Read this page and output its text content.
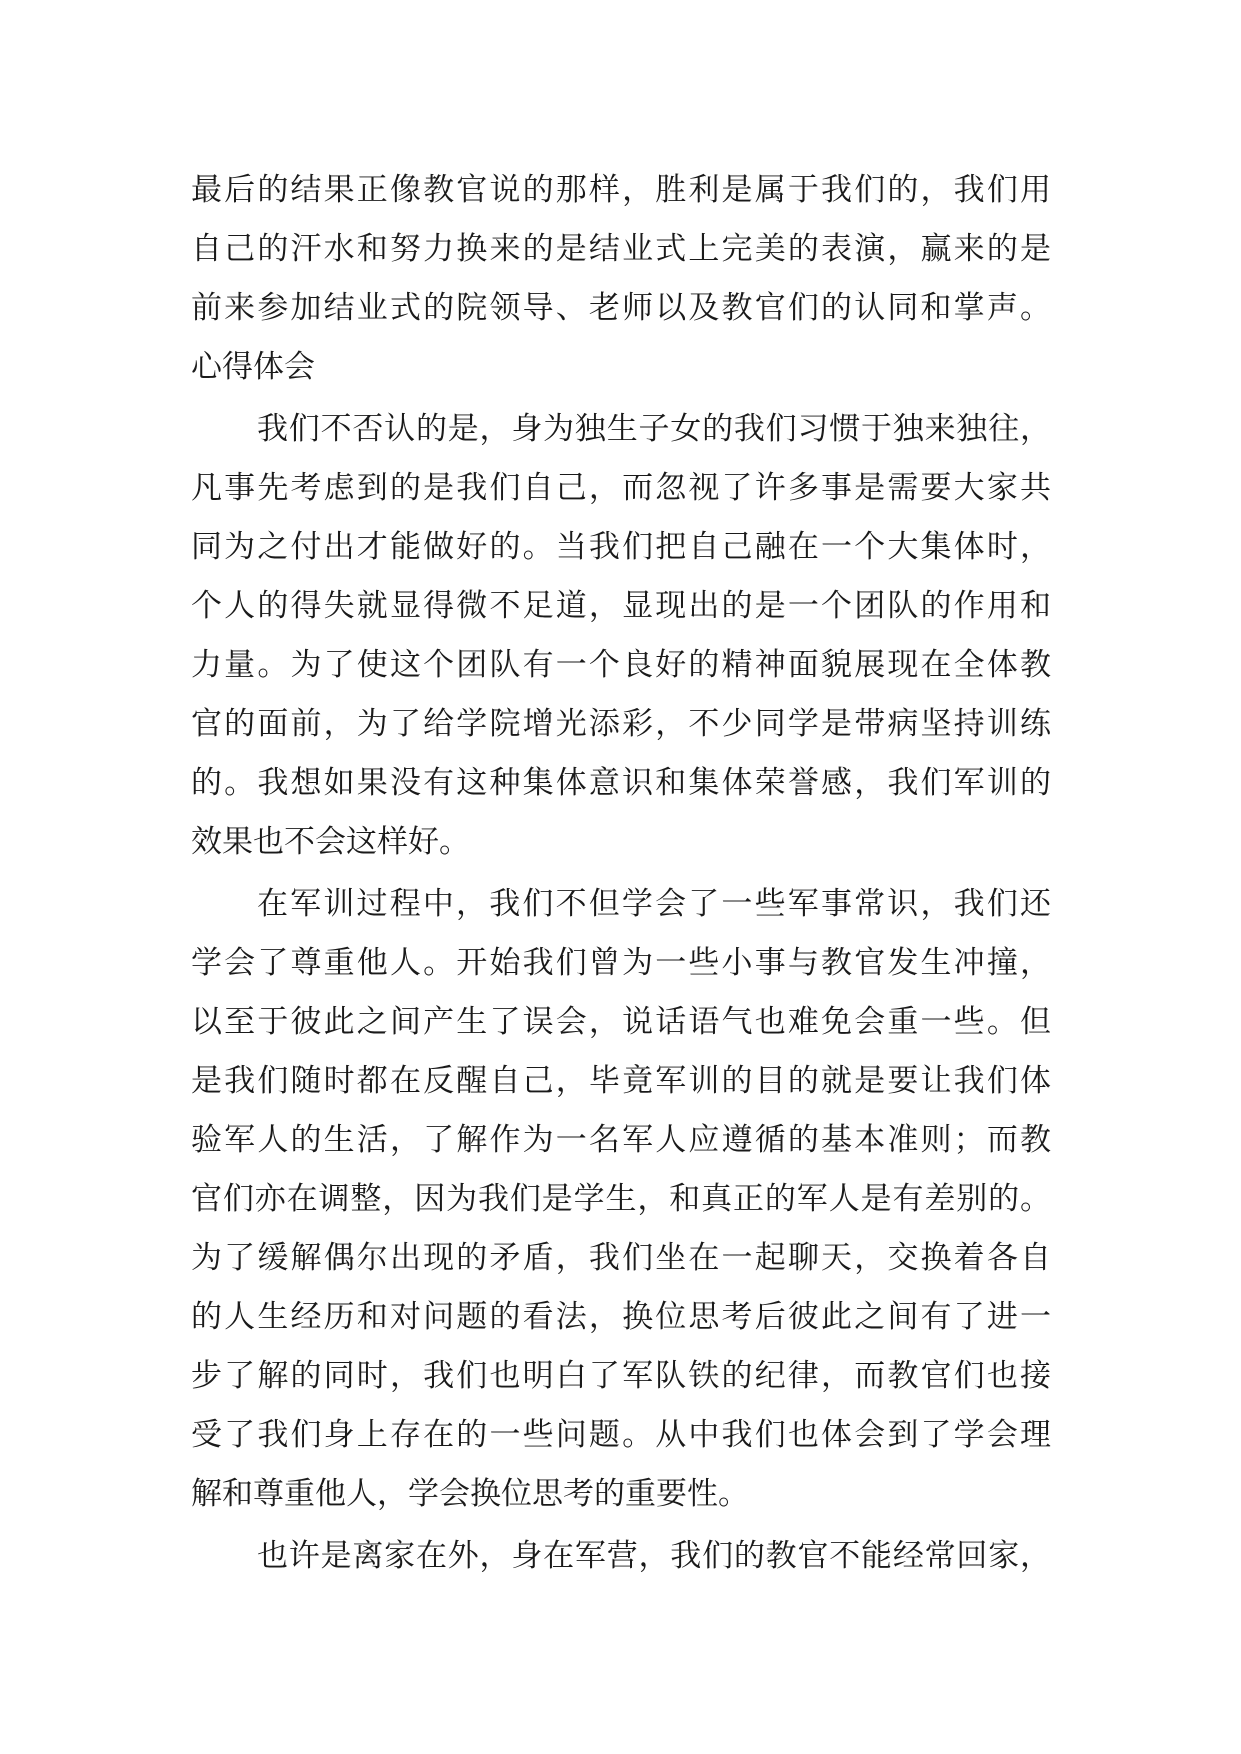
最后的结果正像教官说的那样，胜利是属于我们的，我们用
自己的汗水和努力换来的是结业式上完美的表演，赢来的是
前来参加结业式的院领导、老师以及教官们的认同和掌声。
心得体会
我们不否认的是，身为独生子女的我们习惯于独来独往，
凡事先考虑到的是我们自己，而忽视了许多事是需要大家共
同为之付出才能做好的。当我们把自己融在一个大集体时，
个人的得失就显得微不足道，显现出的是一个团队的作用和
力量。为了使这个团队有一个良好的精神面貌展现在全体教
官的面前，为了给学院增光添彩，不少同学是带病坚持训练
的。我想如果没有这种集体意识和集体荣誉感，我们军训的
效果也不会这样好。
在军训过程中，我们不但学会了一些军事常识，我们还
学会了尊重他人。开始我们曾为一些小事与教官发生冲撞，
以至于彼此之间产生了误会，说话语气也难免会重一些。但
是我们随时都在反醒自己，毕竟军训的目的就是要让我们体
验军人的生活，了解作为一名军人应遵循的基本准则；而教
官们亦在调整，因为我们是学生，和真正的军人是有差别的。
为了缓解偶尔出现的矛盾，我们坐在一起聊天，交换着各自
的人生经历和对问题的看法，换位思考后彼此之间有了进一
步了解的同时，我们也明白了军队铁的纪律，而教官们也接
受了我们身上存在的一些问题。从中我们也体会到了学会理
解和尊重他人，学会换位思考的重要性。
也许是离家在外，身在军营，我们的教官不能经常回家，
